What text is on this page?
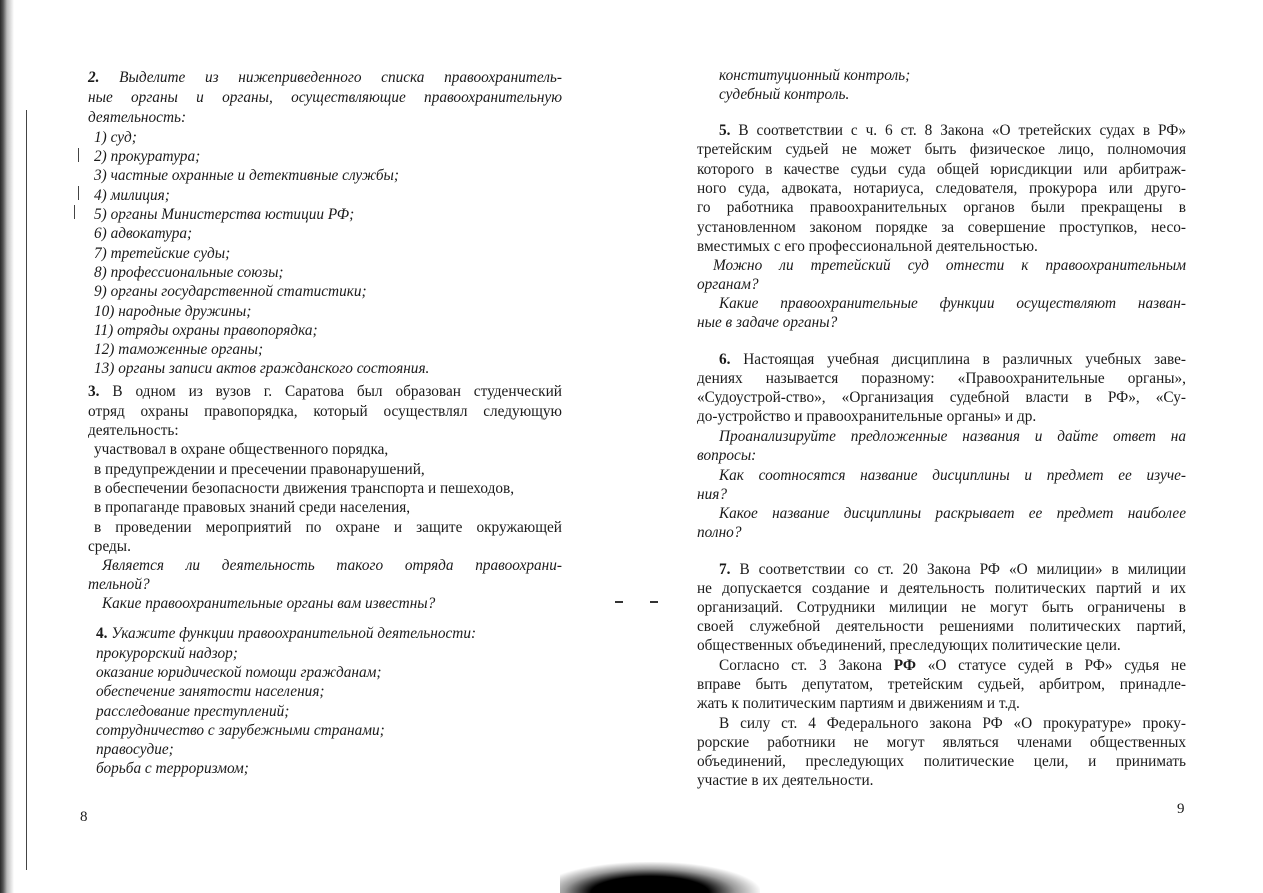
2. Выделите из нижеприведенного списка правоохранитель-
ные органы и органы, осуществляющие правоохранительную
деятельность:
1) суд;
2) прокуратура;
3) частные охранные и детективные службы;
4) милиция;
5) органы Министерства юстиции РФ;
6) адвокатура;
7) третейские суды;
8) профессиональные союзы;
9) органы государственной статистики;
10) народные дружины;
11) отряды охраны правопорядка;
12) таможенные органы;
13) органы записи актов гражданского состояния.
3. В одном из вузов г. Саратова был образован студенческий
отряд охраны правопорядка, который осуществлял следующую
деятельность:
участвовал в охране общественного порядка,
в предупреждении и пресечении правонарушений,
в обеспечении безопасности движения транспорта и пешеходов,
в пропаганде правовых знаний среди населения,
в проведении мероприятий по охране и защите окружающей
среды.
Является ли деятельность такого отряда правоохрани-
тельной?
Какие правоохранительные органы вам известны?
4. Укажите функции правоохранительной деятельности:
прокурорский надзор;
оказание юридической помощи гражданам;
обеспечение занятости населения;
расследование преступлений;
сотрудничество с зарубежными странами;
правосудие;
борьба с терроризмом;
8
конституционный контроль;
судебный контроль.
5. В соответствии с ч. 6 ст. 8 Закона «О третейских судах в РФ»
третейским судьей не может быть физическое лицо, полномочия
которого в качестве судьи суда общей юрисдикции или арбитраж-
ного суда, адвоката, нотариуса, следователя, прокурора или друго-
го работника правоохранительных органов были прекращены в
установленном законом порядке за совершение проступков, несо-
вместимых с его профессиональной деятельностью.
Можно ли третейский суд отнести к правоохранительным
органам?
Какие правоохранительные функции осуществляют назван-
ные в задаче органы?
6. Настоящая учебная дисциплина в различных учебных заве-
дениях называется поразному: «Правоохранительные органы»,
«Судоустрой-ство», «Организация судебной власти в РФ», «Су-
до-устройство и правоохранительные органы» и др.
Проанализируйте предложенные названия и дайте ответ на
вопросы:
Как соотносятся название дисциплины и предмет ее изуче-
ния?
Какое название дисциплины раскрывает ее предмет наиболее
полно?
7. В соответствии со ст. 20 Закона РФ «О милиции» в милиции
не допускается создание и деятельность политических партий и их
организаций. Сотрудники милиции не могут быть ограничены в
своей служебной деятельности решениями политических партий,
общественных объединений, преследующих политические цели.
Согласно ст. 3 Закона РФ «О статусе судей в РФ» судья не
вправе быть депутатом, третейским судьей, арбитром, принадле-
жать к политическим партиям и движениям и т.д.
В силу ст. 4 Федерального закона РФ «О прокуратуре» проку-
рорские работники не могут являться членами общественных
объединений, преследующих политические цели, и принимать
участие в их деятельности.
9
